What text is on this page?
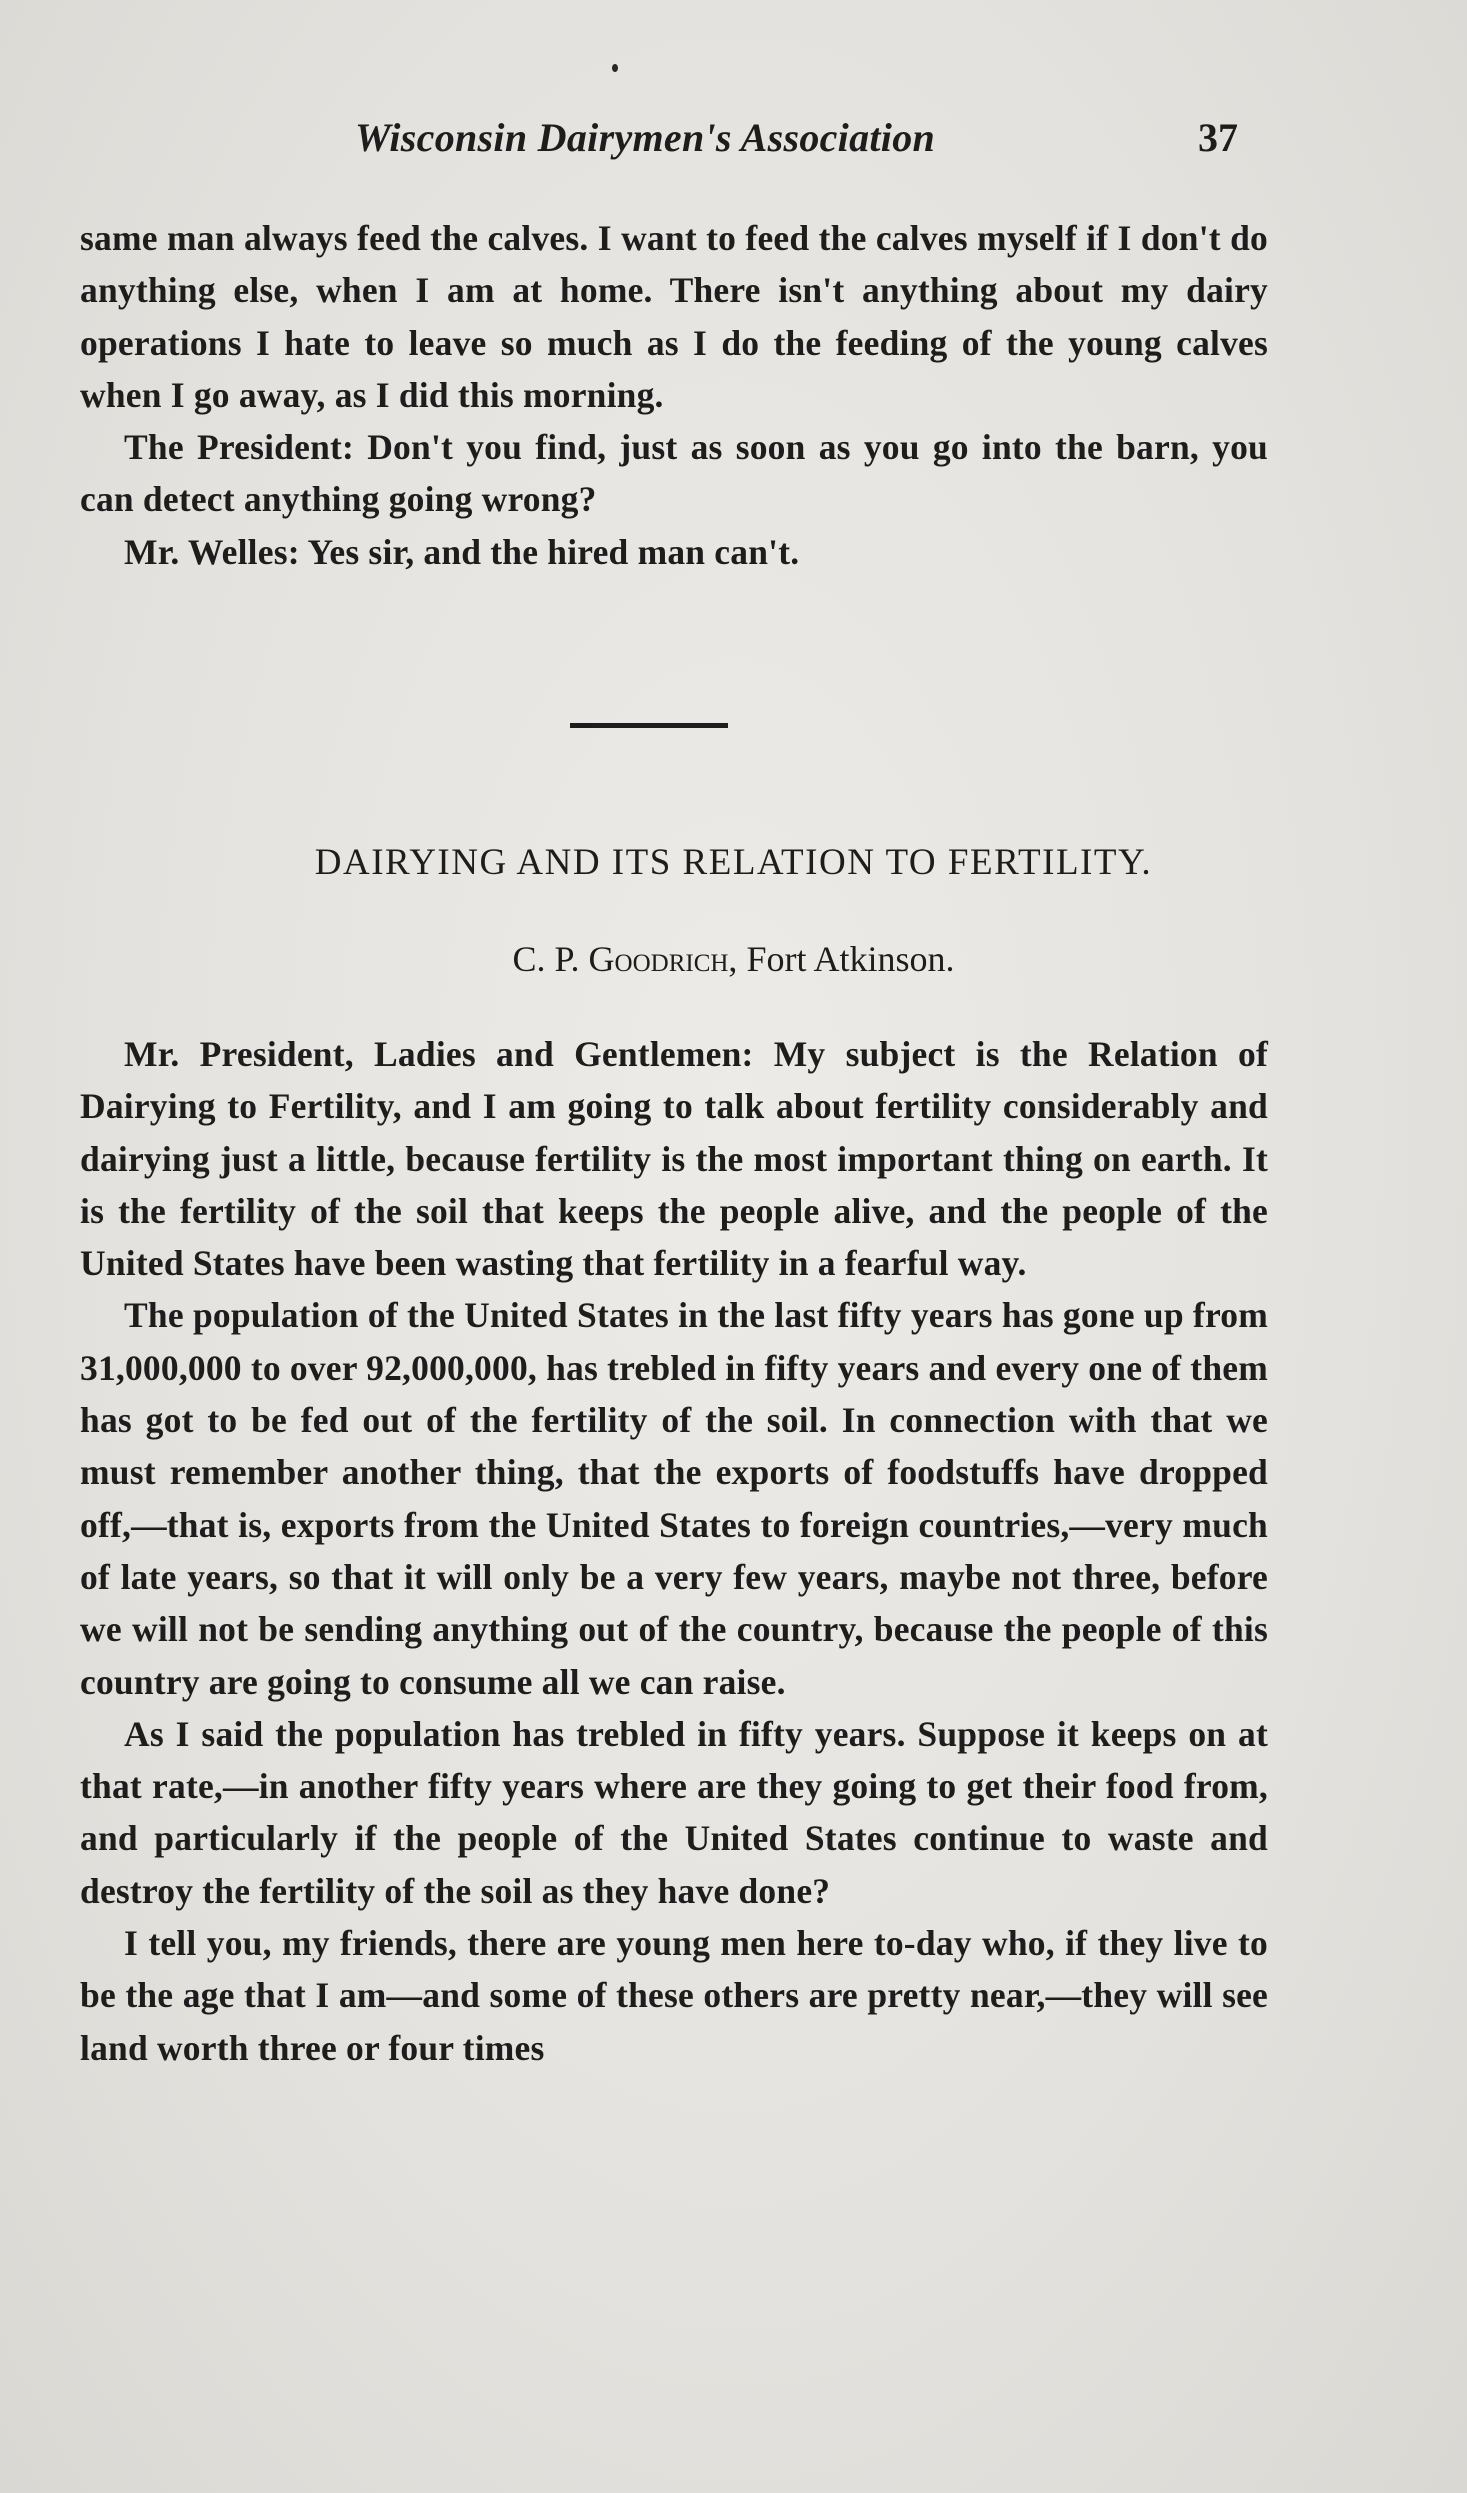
Wisconsin Dairymen's Association	37

same man always feed the calves. I want to feed the calves myself if I don't do anything else, when I am at home. There isn't anything about my dairy operations I hate to leave so much as I do the feeding of the young calves when I go away, as I did this morning.

The President: Don't you find, just as soon as you go into the barn, you can detect anything going wrong?

Mr. Welles: Yes sir, and the hired man can't.

DAIRYING AND ITS RELATION TO FERTILITY.
C. P. Goodrich, Fort Atkinson.

Mr. President, Ladies and Gentlemen: My subject is the Relation of Dairying to Fertility, and I am going to talk about fertility considerably and dairying just a little, because fertility is the most important thing on earth. It is the fertility of the soil that keeps the people alive, and the people of the United States have been wasting that fertility in a fearful way.

The population of the United States in the last fifty years has gone up from 31,000,000 to over 92,000,000, has trebled in fifty years and every one of them has got to be fed out of the fertility of the soil. In connection with that we must remember another thing, that the exports of foodstuffs have dropped off,—that is, exports from the United States to foreign countries,—very much of late years, so that it will only be a very few years, maybe not three, before we will not be sending anything out of the country, because the people of this country are going to consume all we can raise.

As I said the population has trebled in fifty years. Suppose it keeps on at that rate,—in another fifty years where are they going to get their food from, and particularly if the people of the United States continue to waste and destroy the fertility of the soil as they have done?

I tell you, my friends, there are young men here to-day who, if they live to be the age that I am—and some of these others are pretty near,—they will see land worth three or four times
